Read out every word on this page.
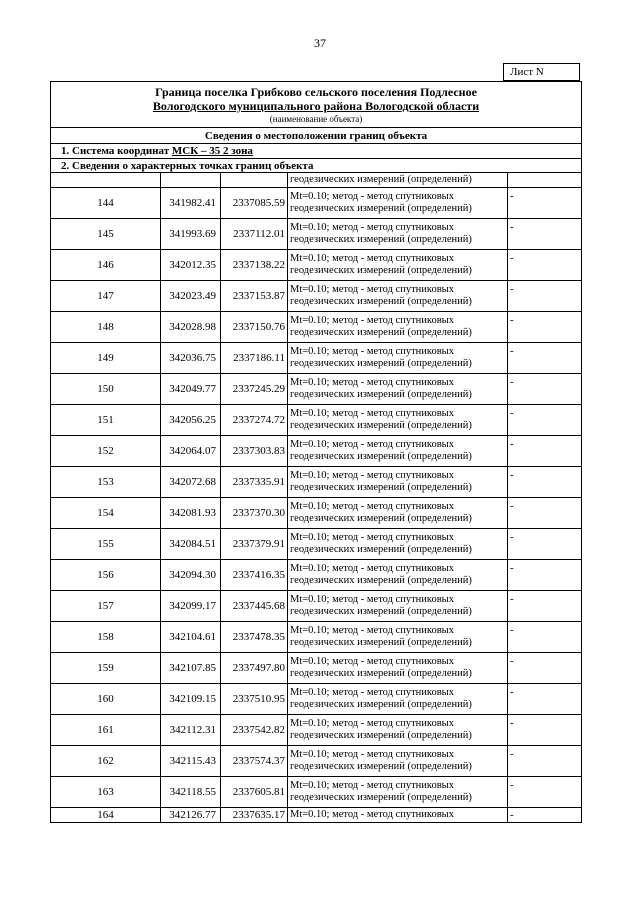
37
Лист N
Граница поселка Грибково сельского поселения Подлесное
Вологодского муниципального района Вологодской области
(наименование объекта)				

Сведения о местоположении границ объекта				
1. Система координат МСК – 35 2 зона				
2. Сведения о характерных точках границ объекта				
			геодезических измерений (определений)	
144	341982.41	2337085.59	Mt=0.10; метод - метод спутниковых
геодезических измерений (определений)	-
145	341993.69	2337112.01	Mt=0.10; метод - метод спутниковых
геодезических измерений (определений)	-
146	342012.35	2337138.22	Mt=0.10; метод - метод спутниковых
геодезических измерений (определений)	-
147	342023.49	2337153.87	Mt=0.10; метод - метод спутниковых
геодезических измерений (определений)	-
148	342028.98	2337150.76	Mt=0.10; метод - метод спутниковых
геодезических измерений (определений)	-
149	342036.75	2337186.11	Mt=0.10; метод - метод спутниковых
геодезических измерений (определений)	-
150	342049.77	2337245.29	Mt=0.10; метод - метод спутниковых
геодезических измерений (определений)	-
151	342056.25	2337274.72	Mt=0.10; метод - метод спутниковых
геодезических измерений (определений)	-
152	342064.07	2337303.83	Mt=0.10; метод - метод спутниковых
геодезических измерений (определений)	-
153	342072.68	2337335.91	Mt=0.10; метод - метод спутниковых
геодезических измерений (определений)	-
154	342081.93	2337370.30	Mt=0.10; метод - метод спутниковых
геодезических измерений (определений)	-
155	342084.51	2337379.91	Mt=0.10; метод - метод спутниковых
геодезических измерений (определений)	-
156	342094.30	2337416.35	Mt=0.10; метод - метод спутниковых
геодезических измерений (определений)	-
157	342099.17	2337445.68	Mt=0.10; метод - метод спутниковых
геодезических измерений (определений)	-
158	342104.61	2337478.35	Mt=0.10; метод - метод спутниковых
геодезических измерений (определений)	-
159	342107.85	2337497.80	Mt=0.10; метод - метод спутниковых
геодезических измерений (определений)	-
160	342109.15	2337510.95	Mt=0.10; метод - метод спутниковых
геодезических измерений (определений)	-
161	342112.31	2337542.82	Mt=0.10; метод - метод спутниковых
геодезических измерений (определений)	-
162	342115.43	2337574.37	Mt=0.10; метод - метод спутниковых
геодезических измерений (определений)	-
163	342118.55	2337605.81	Mt=0.10; метод - метод спутниковых
геодезических измерений (определений)	-
164	342126.77	2337635.17	Mt=0.10; метод - метод спутниковых	-
